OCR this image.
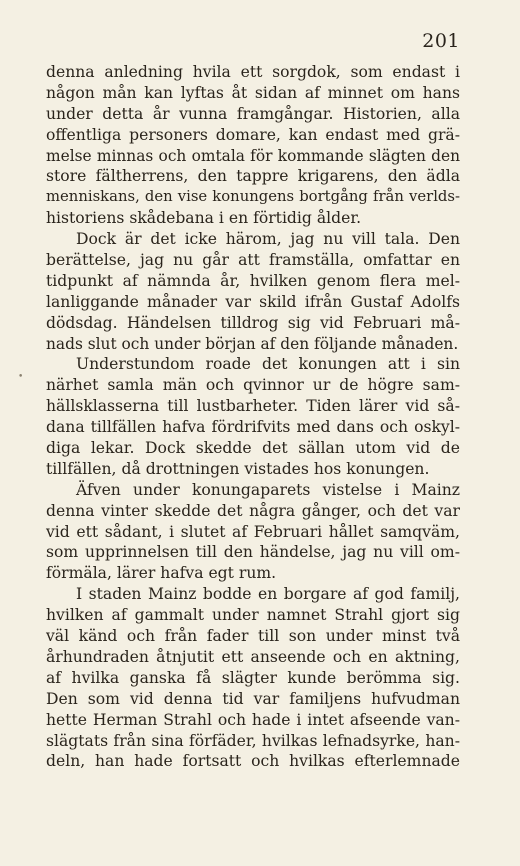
201
•
denna anledning hvila ett sorgdok, som endast i
någon mån kan lyftas åt sidan af minnet om hans
under detta år vunna framgångar. Historien, alla
offentliga personers domare, kan endast med grä-
melse minnas och omtala för kommande slägten den
store fältherrens, den tappre krigarens, den ädla
menniskans, den vise konungens bortgång från verlds-
historiens skådebana i en förtidig ålder.
Dock är det icke härom, jag nu vill tala. Den
berättelse, jag nu går att framställa, omfattar en
tidpunkt af nämnda år, hvilken genom flera mel-
lanliggande månader var skild ifrån Gustaf Adolfs
dödsdag. Händelsen tilldrog sig vid Februari må-
nads slut och under början af den följande månaden.
Understundom roade det konungen att i sin
närhet samla män och qvinnor ur de högre sam-
hällsklasserna till lustbarheter. Tiden lärer vid så-
dana tillfällen hafva fördrifvits med dans och oskyl-
diga lekar. Dock skedde det sällan utom vid de
tillfällen, då drottningen vistades hos konungen.
Äfven under konungaparets vistelse i Mainz
denna vinter skedde det några gånger, och det var
vid ett sådant, i slutet af Februari hållet samqväm,
som upprinnelsen till den händelse, jag nu vill om-
förmäla, lärer hafva egt rum.
I staden Mainz bodde en borgare af god familj,
hvilken af gammalt under namnet Strahl gjort sig
väl känd och från fader till son under minst två
århundraden åtnjutit ett anseende och en aktning,
af hvilka ganska få slägter kunde berömma sig.
Den som vid denna tid var familjens hufvudman
hette Herman Strahl och hade i intet afseende van-
slägtats från sina förfäder, hvilkas lefnadsyrke, han-
deln, han hade fortsatt och hvilkas efterlemnade
